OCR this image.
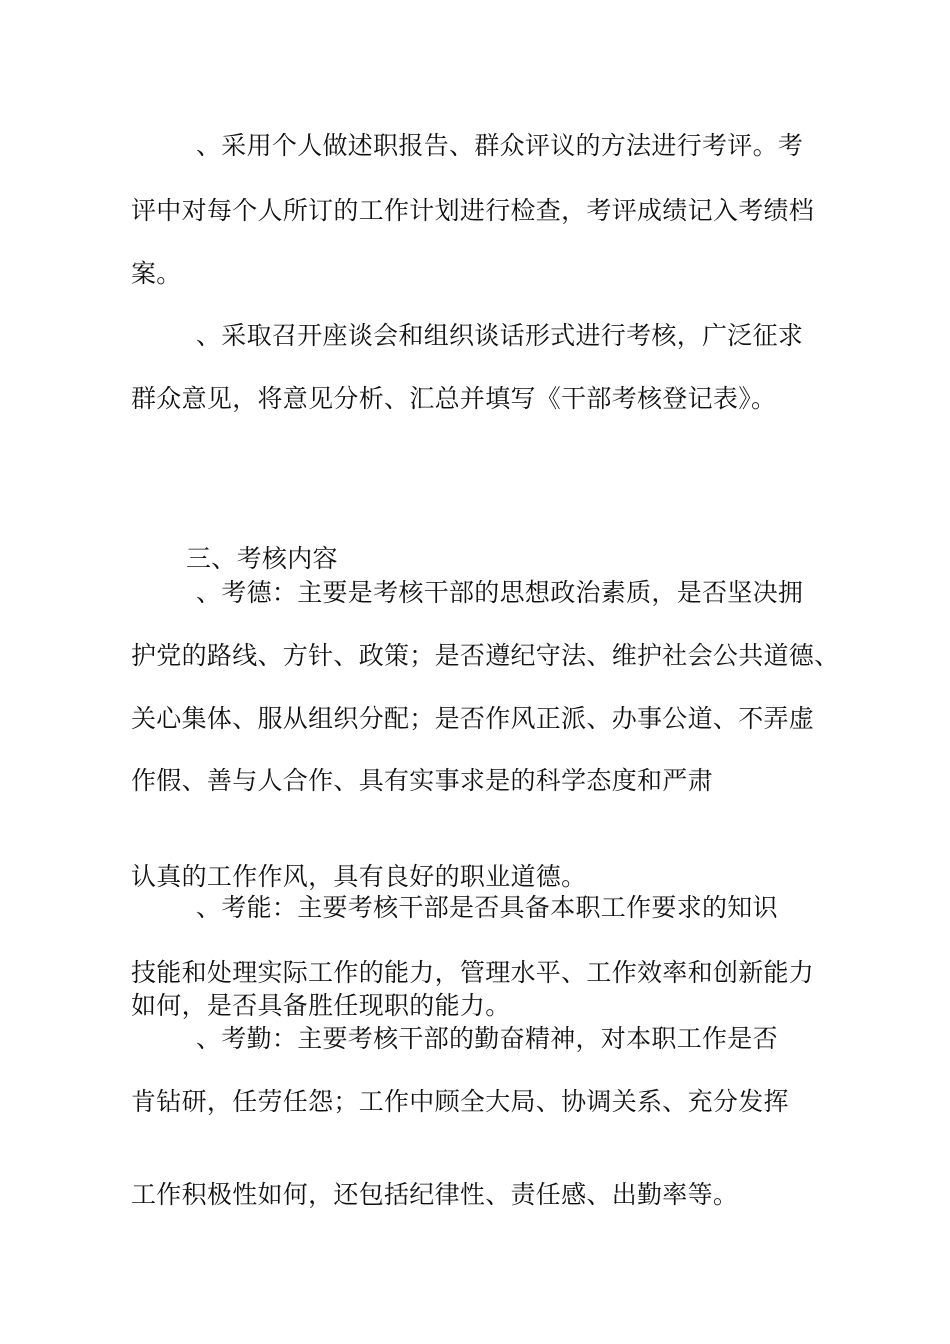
、采用个人做述职报告、群众评议的方法进行考评。考
评中对每个人所订的工作计划进行检查，考评成绩记入考绩档
案。
、采取召开座谈会和组织谈话形式进行考核，广泛征求
群众意见，将意见分析、汇总并填写《干部考核登记表》。
三、考核内容
、考德：主要是考核干部的思想政治素质，是否坚决拥
护党的路线、方针、政策；是否遵纪守法、维护社会公共道德、
关心集体、服从组织分配；是否作风正派、办事公道、不弄虚
作假、善与人合作、具有实事求是的科学态度和严肃
认真的工作作风，具有良好的职业道德。
、考能：主要考核干部是否具备本职工作要求的知识
技能和处理实际工作的能力，管理水平、工作效率和创新能力
如何，是否具备胜任现职的能力。
、考勤：主要考核干部的勤奋精神，对本职工作是否
肯钻研，任劳任怨；工作中顾全大局、协调关系、充分发挥
工作积极性如何，还包括纪律性、责任感、出勤率等。
